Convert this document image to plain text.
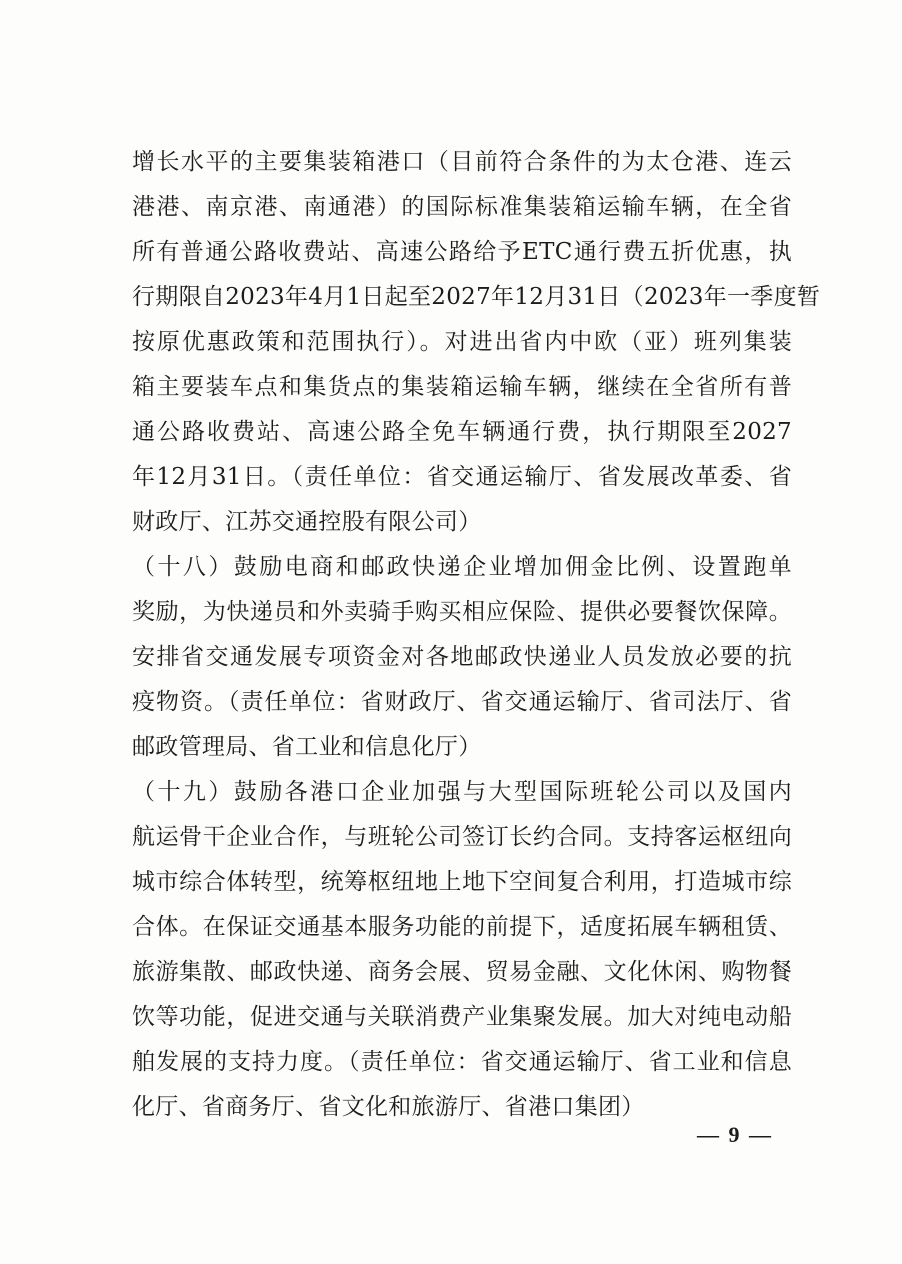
增长水平的主要集装箱港口（目前符合条件的为太仓港、连云
港港、南京港、南通港）的国际标准集装箱运输车辆，在全省
所有普通公路收费站、高速公路给予ETC通行费五折优惠，执
行期限自2023年4月1日起至2027年12月31日（2023年一季度暂
按原优惠政策和范围执行）。对进出省内中欧（亚）班列集装
箱主要装车点和集货点的集装箱运输车辆，继续在全省所有普
通公路收费站、高速公路全免车辆通行费，执行期限至2027
年12月31日。（责任单位：省交通运输厅、省发展改革委、省
财政厅、江苏交通控股有限公司）
（十八）鼓励电商和邮政快递企业增加佣金比例、设置跑单
奖励，为快递员和外卖骑手购买相应保险、提供必要餐饮保障。
安排省交通发展专项资金对各地邮政快递业人员发放必要的抗
疫物资。（责任单位：省财政厅、省交通运输厅、省司法厅、省
邮政管理局、省工业和信息化厅）
（十九）鼓励各港口企业加强与大型国际班轮公司以及国内
航运骨干企业合作，与班轮公司签订长约合同。支持客运枢纽向
城市综合体转型，统筹枢纽地上地下空间复合利用，打造城市综
合体。在保证交通基本服务功能的前提下，适度拓展车辆租赁、
旅游集散、邮政快递、商务会展、贸易金融、文化休闲、购物餐
饮等功能，促进交通与关联消费产业集聚发展。加大对纯电动船
舶发展的支持力度。（责任单位：省交通运输厅、省工业和信息
化厅、省商务厅、省文化和旅游厅、省港口集团）
— 9 —
